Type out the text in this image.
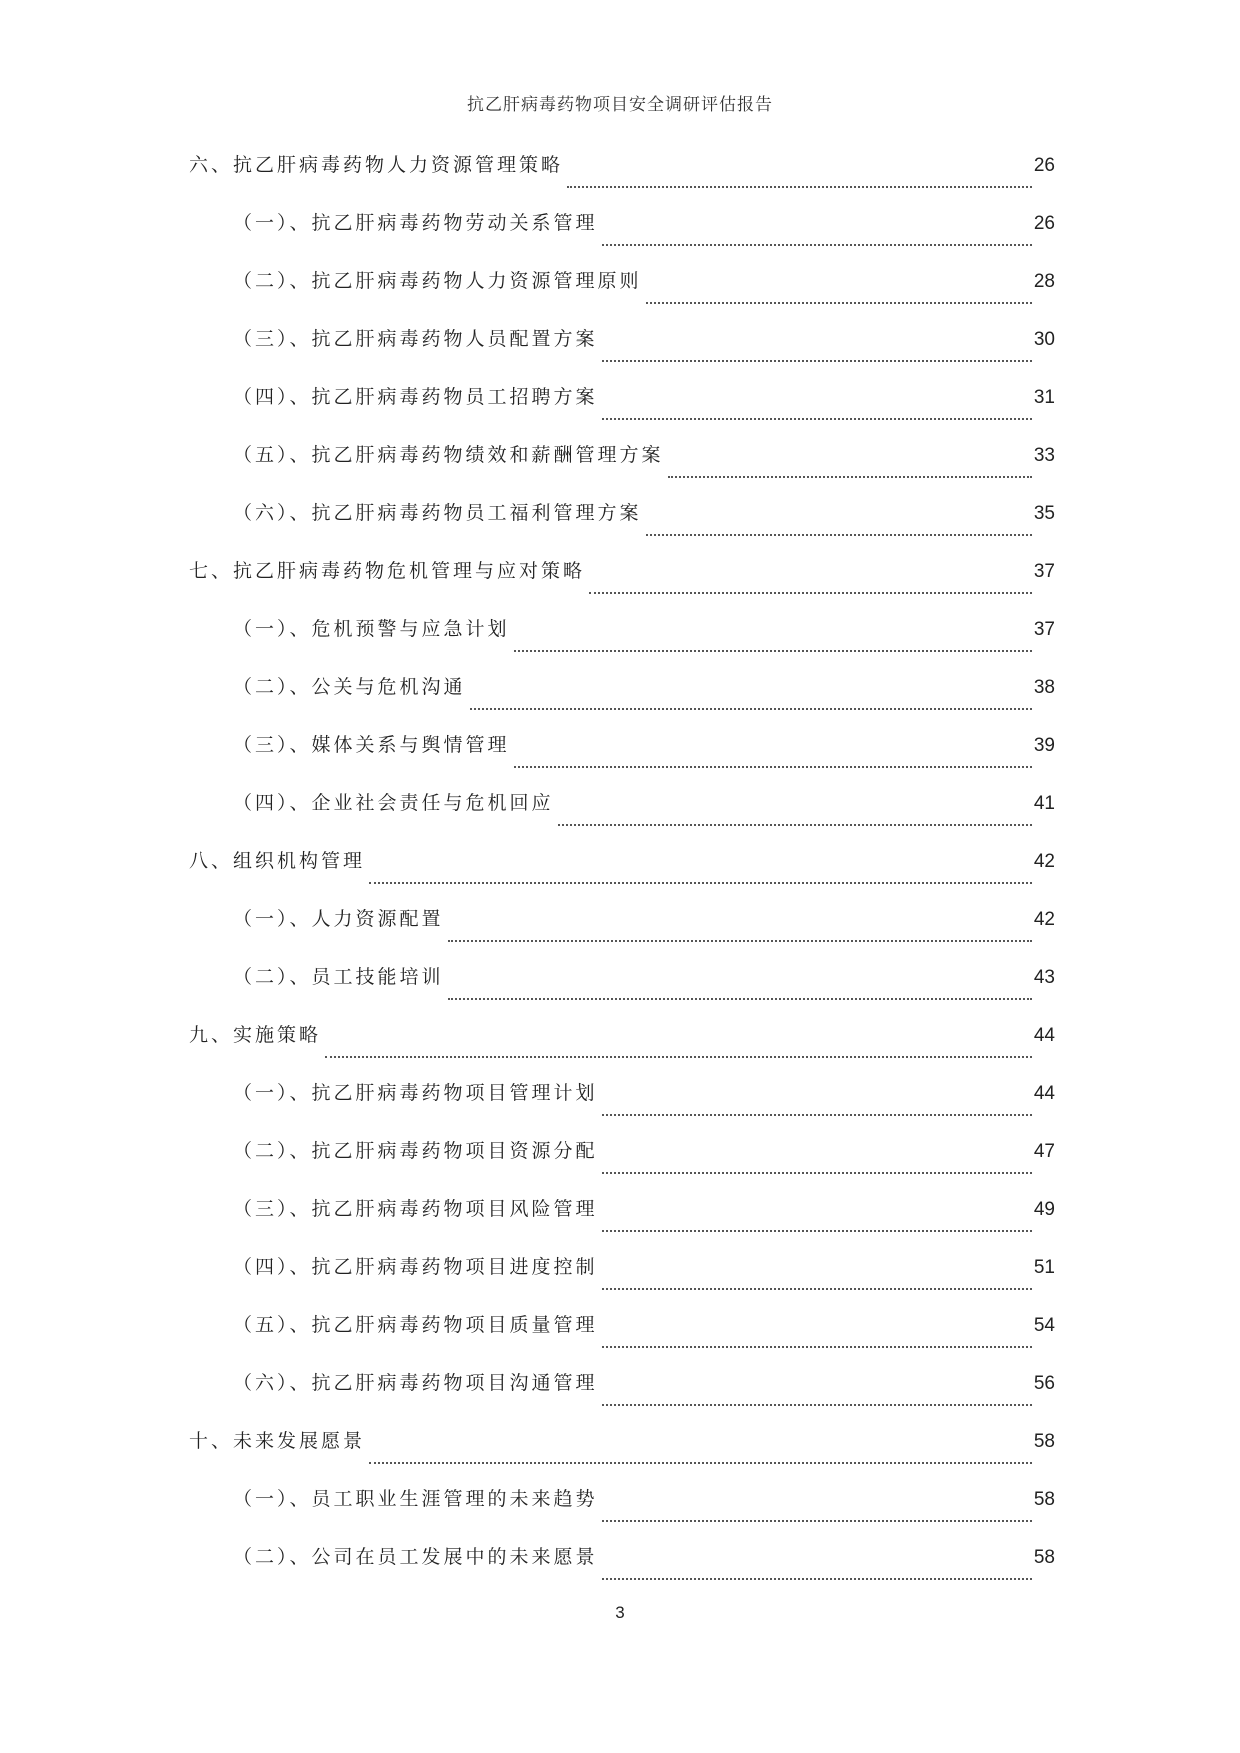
抗乙肝病毒药物项目安全调研评估报告
六、抗乙肝病毒药物人力资源管理策略	26
（一）、抗乙肝病毒药物劳动关系管理	26
（二）、抗乙肝病毒药物人力资源管理原则	28
（三）、抗乙肝病毒药物人员配置方案	30
（四）、抗乙肝病毒药物员工招聘方案	31
（五）、抗乙肝病毒药物绩效和薪酬管理方案	33
（六）、抗乙肝病毒药物员工福利管理方案	35
七、抗乙肝病毒药物危机管理与应对策略	37
（一）、危机预警与应急计划	37
（二）、公关与危机沟通	38
（三）、媒体关系与舆情管理	39
（四）、企业社会责任与危机回应	41
八、组织机构管理	42
（一）、人力资源配置	42
（二）、员工技能培训	43
九、实施策略	44
（一）、抗乙肝病毒药物项目管理计划	44
（二）、抗乙肝病毒药物项目资源分配	47
（三）、抗乙肝病毒药物项目风险管理	49
（四）、抗乙肝病毒药物项目进度控制	51
（五）、抗乙肝病毒药物项目质量管理	54
（六）、抗乙肝病毒药物项目沟通管理	56
十、未来发展愿景	58
（一）、员工职业生涯管理的未来趋势	58
（二）、公司在员工发展中的未来愿景	58
3
